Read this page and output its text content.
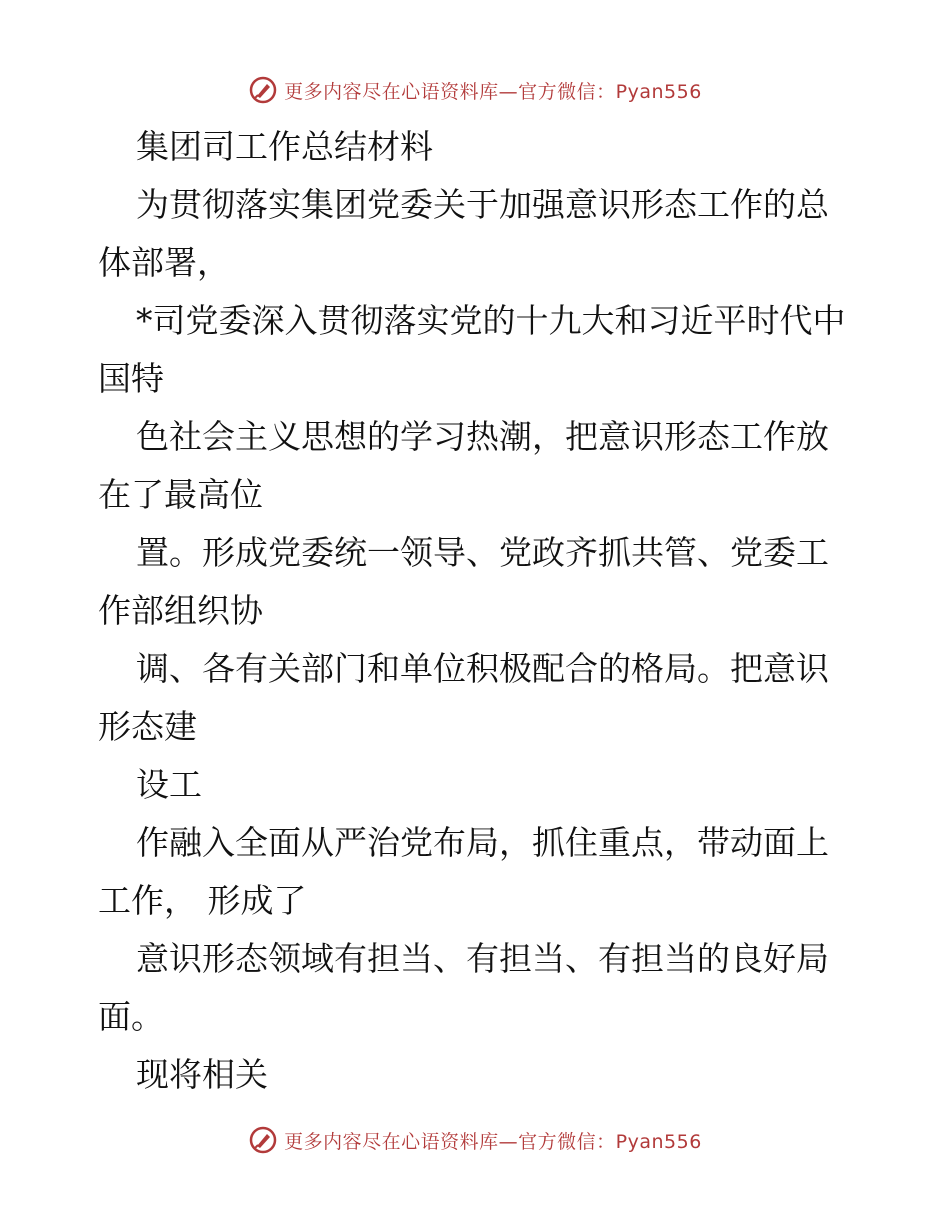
更多内容尽在心语资料库—官方微信：Pyan556

集团司工作总结材料

为贯彻落实集团党委关于加强意识形态工作的总体部署，

*司党委深入贯彻落实党的十九大和习近平时代中国特

色社会主义思想的学习热潮，把意识形态工作放在了最高位

置。形成党委统一领导、党政齐抓共管、党委工作部组织协

调、各有关部门和单位积极配合的格局。把意识形态建

设工

作融入全面从严治党布局，抓住重点，带动面上工作， 形成了

意识形态领域有担当、有担当、有担当的良好局面。

现将相关

更多内容尽在心语资料库—官方微信：Pyan556
